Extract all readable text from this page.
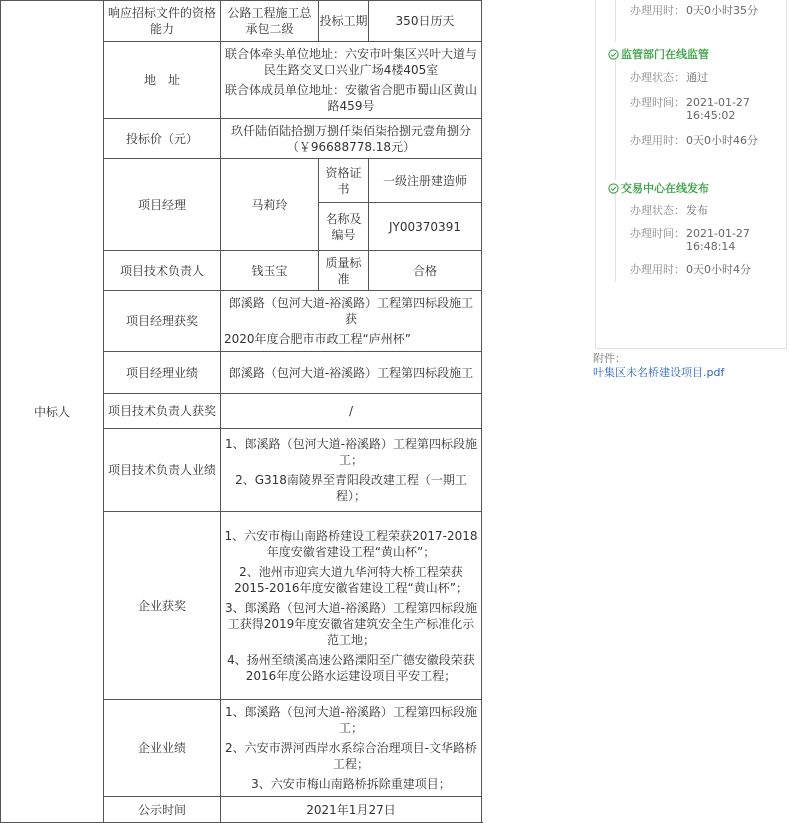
中标人	响应招标文件的资格能力	公路工程施工总承包二级	投标工期	350日历天
	地　址	联合体牵头单位地址：六安市叶集区兴叶大道与民生路交叉口兴业广场4楼405室
联合体成员单位地址：安徽省合肥市蜀山区黄山路459号		

	投标价（元）	玖仟陆佰陆拾捌万捌仟柒佰柒拾捌元壹角捌分（￥96688778.18元）		
	项目经理	马莉玲	资格证书	一级注册建造师
			名称及编号	JY00370391
	项目技术负责人	钱玉宝	质量标准	合格
	项目经理获奖	郎溪路（包河大道-裕溪路）工程第四标段施工获
2020年度合肥市市政工程“庐州杯”		

	项目经理业绩	郎溪路（包河大道-裕溪路）工程第四标段施工		
	项目技术负责人获奖	/		
	项目技术负责人业绩	1、郎溪路（包河大道-裕溪路）工程第四标段施工；
2、G318南陵界至青阳段改建工程（一期工程）；		

	企业获奖	1、六安市梅山南路桥建设工程荣获2017-2018年度安徽省建设工程“黄山杯”；
2、池州市迎宾大道九华河特大桥工程荣获2015-2016年度安徽省建设工程“黄山杯”；
3、郎溪路（包河大道-裕溪路）工程第四标段施工获得2019年度安徽省建筑安全生产标准化示范工地；
4、扬州至绩溪高速公路溧阳至广德安徽段荣获2016年度公路水运建设项目平安工程；		

	企业业绩	1、郎溪路（包河大道-裕溪路）工程第四标段施工；
2、六安市淠河西岸水系综合治理项目-文华路桥工程；
3、六安市梅山南路桥拆除重建项目；		

	公示时间	2021年1月27日		
办理用时：0天0小时35分
监管部门在线监管
办理状态：通过
办理时间：2021-01-27
16:45:02
办理用时：0天0小时46分
交易中心在线发布
办理状态：发布
办理时间：2021-01-27
16:48:14
办理用时：0天0小时4分
附件：
叶集区未名桥建设项目.pdf
